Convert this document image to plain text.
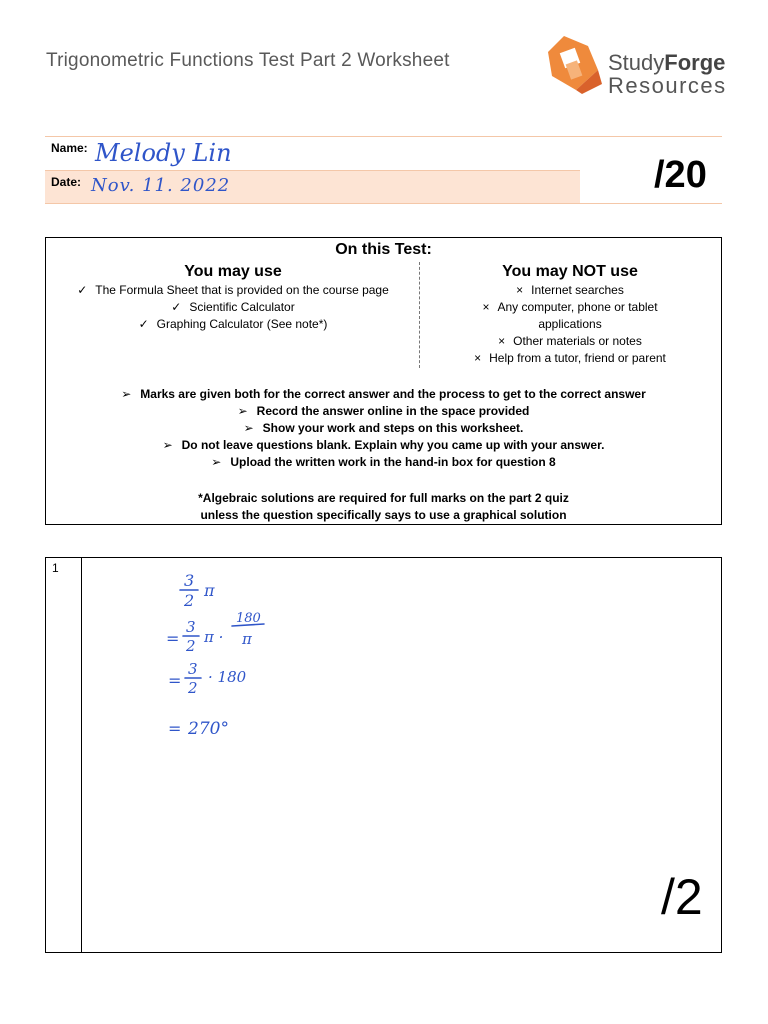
Trigonometric Functions Test Part 2 Worksheet	StudyForge
Resources
Name: Melody Lin
Date: Nov. 11. 2022	/20
On this Test:
You may use
✓ The Formula Sheet that is provided on the course page
✓ Scientific Calculator
✓ Graphing Calculator (See note*)
You may NOT use
× Internet searches
× Any computer, phone or tablet applications
× Other materials or notes
× Help from a tutor, friend or parent
➢ Marks are given both for the correct answer and the process to get to the correct answer
➢ Record the answer online in the space provided
➢ Show your work and steps on this worksheet.
➢ Do not leave questions blank. Explain why you came up with your answer.
➢ Upload the written work in the hand-in box for question 8
*Algebraic solutions are required for full marks on the part 2 quiz
unless the question specifically says to use a graphical solution
1
3
2
π
=
3
2 π ·
180
π
=
3
2
· 180
= 270°
/2
